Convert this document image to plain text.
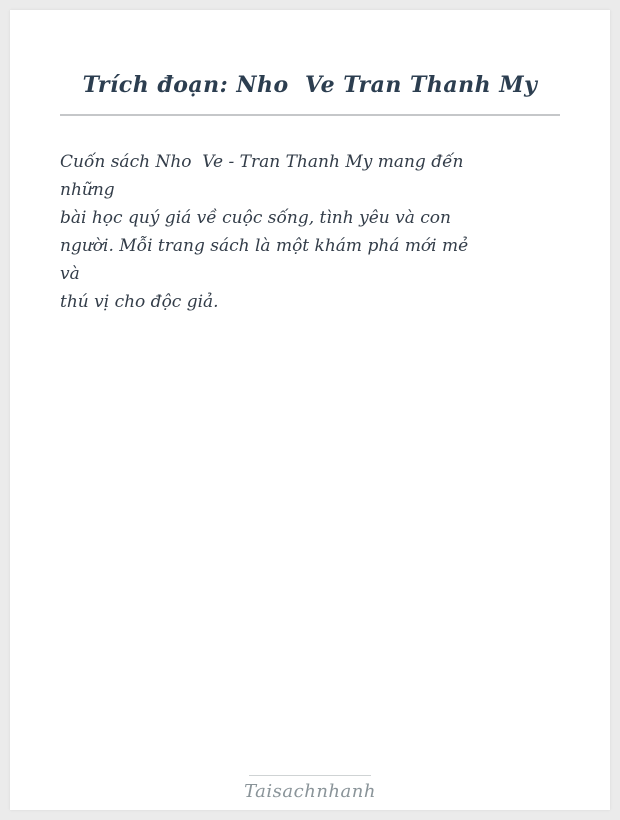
Trích đoạn: Nho  Ve Tran Thanh My
Cuốn sách Nho  Ve - Tran Thanh My mang đến
những
bài học quý giá về cuộc sống, tình yêu và con
người. Mỗi trang sách là một khám phá mới mẻ
và
thú vị cho độc giả.
Taisachnhanh
